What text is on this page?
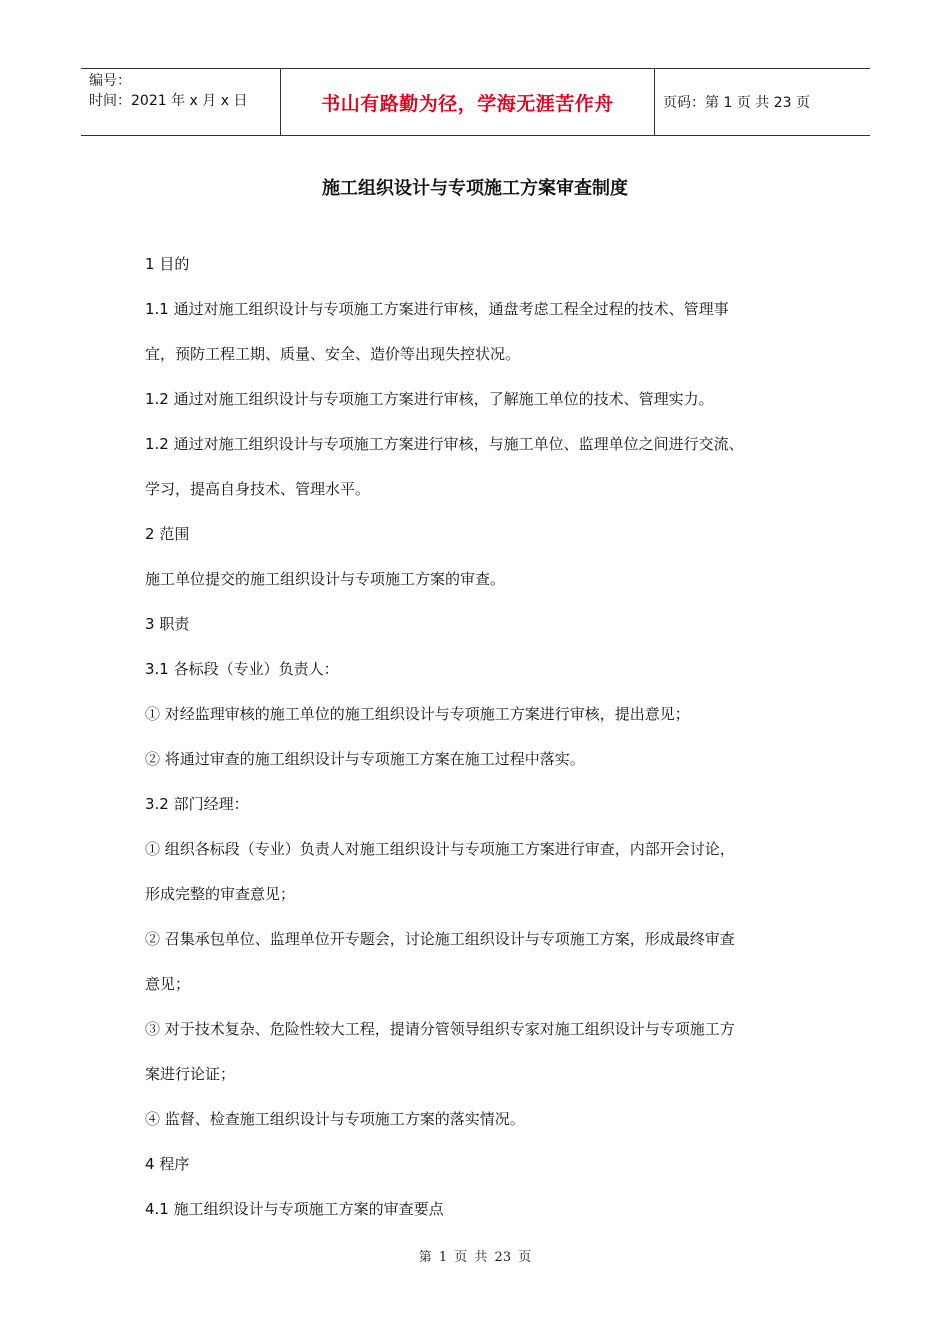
编号：
时间：2021 年 x 月 x 日	书山有路勤为径，学海无涯苦作舟	页码：第 1 页 共 23 页
施工组织设计与专项施工方案审查制度
1 目的
1.1 通过对施工组织设计与专项施工方案进行审核，通盘考虑工程全过程的技术、管理事
宜，预防工程工期、质量、安全、造价等出现失控状况。
1.2 通过对施工组织设计与专项施工方案进行审核，了解施工单位的技术、管理实力。
1.2 通过对施工组织设计与专项施工方案进行审核，与施工单位、监理单位之间进行交流、
学习，提高自身技术、管理水平。
2 范围
施工单位提交的施工组织设计与专项施工方案的审查。
3 职责
3.1 各标段（专业）负责人：
① 对经监理审核的施工单位的施工组织设计与专项施工方案进行审核，提出意见；
② 将通过审查的施工组织设计与专项施工方案在施工过程中落实。
3.2 部门经理：
① 组织各标段（专业）负责人对施工组织设计与专项施工方案进行审查，内部开会讨论，
形成完整的审查意见；
② 召集承包单位、监理单位开专题会，讨论施工组织设计与专项施工方案，形成最终审查
意见；
③ 对于技术复杂、危险性较大工程，提请分管领导组织专家对施工组织设计与专项施工方
案进行论证；
④ 监督、检查施工组织设计与专项施工方案的落实情况。
4 程序
4.1 施工组织设计与专项施工方案的审查要点
第 1 页 共 23 页
